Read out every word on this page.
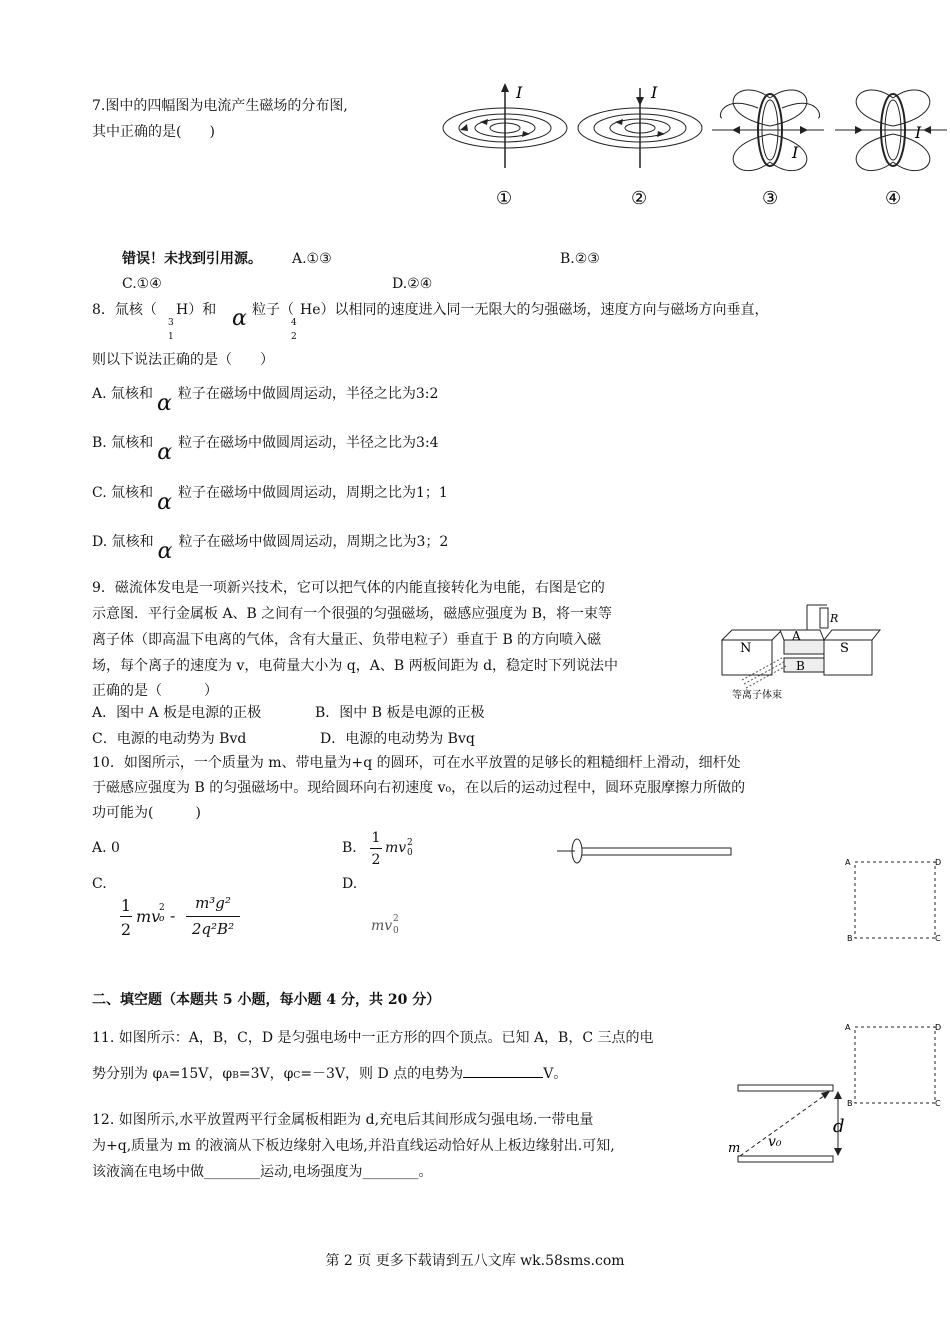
7.图中的四幅图为电流产生磁场的分布图,
其中正确的是(　　)
I
①
I
②
I
③
I
④
错误！未找到引用源。 A.①③	B.②③
C.①④	D.②④
8．氚核（ H）和
3
1
α 粒子（ He）以相同的速度进入同一无限大的匀强磁场，速度方向与磁场方向垂直，
4
2
则以下说法正确的是（　　）
A. 氚核和 α 粒子在磁场中做圆周运动，半径之比为3:2
B. 氚核和 α 粒子在磁场中做圆周运动，半径之比为3:4
C. 氚核和 α 粒子在磁场中做圆周运动，周期之比为1；1
D. 氚核和 α 粒子在磁场中做圆周运动，周期之比为3；2
9．磁流体发电是一项新兴技术，它可以把气体的内能直接转化为电能，右图是它的
示意图．平行金属板 A、B 之间有一个很强的匀强磁场，磁感应强度为 B，将一束等
离子体（即高温下电离的气体，含有大量正、负带电粒子）垂直于 B 的方向喷入磁
场，每个离子的速度为 v，电荷量大小为 q，A、B 两板间距为 d，稳定时下列说法中
正确的是（　　　）
N
A
B
S
R
等离子体束
A．图中 A 板是电源的正极	B．图中 B 板是电源的正极
C．电源的电动势为 Bvd	D．电源的电动势为 Bvq
10．如图所示，一个质量为 m、带电量为+q 的圆环，可在水平放置的足够长的粗糙细杆上滑动，细杆处
于磁感应强度为 B 的匀强磁场中。现给圆环向右初速度 v₀，在以后的运动过程中，圆环克服摩擦力所做的
功可能为(　　　)
A. 0	B.
1
2
mv 2
0
C.	D.
1
2
mv
2
o -
m³g²
2q²B²	mv 2
0
A	D
B	C
二、填空题（本题共 5 小题，每小题 4 分，共 20 分）
11. 如图所示：A，B，C，D 是匀强电场中一正方形的四个顶点。已知 A，B，C 三点的电
势分别为 φA=15V，φB=3V，φC=－3V，则 D 点的电势为	V。
A	D
B	C
12. 如图所示,水平放置两平行金属板相距为 d,充电后其间形成匀强电场.一带电量
为+q,质量为 m 的液滴从下板边缘射入电场,并沿直线运动恰好从上板边缘射出.可知,
该液滴在电场中做________运动,电场强度为________。
d
m v₀
第 2 页 更多下载请到五八文库 wk.58sms.com
